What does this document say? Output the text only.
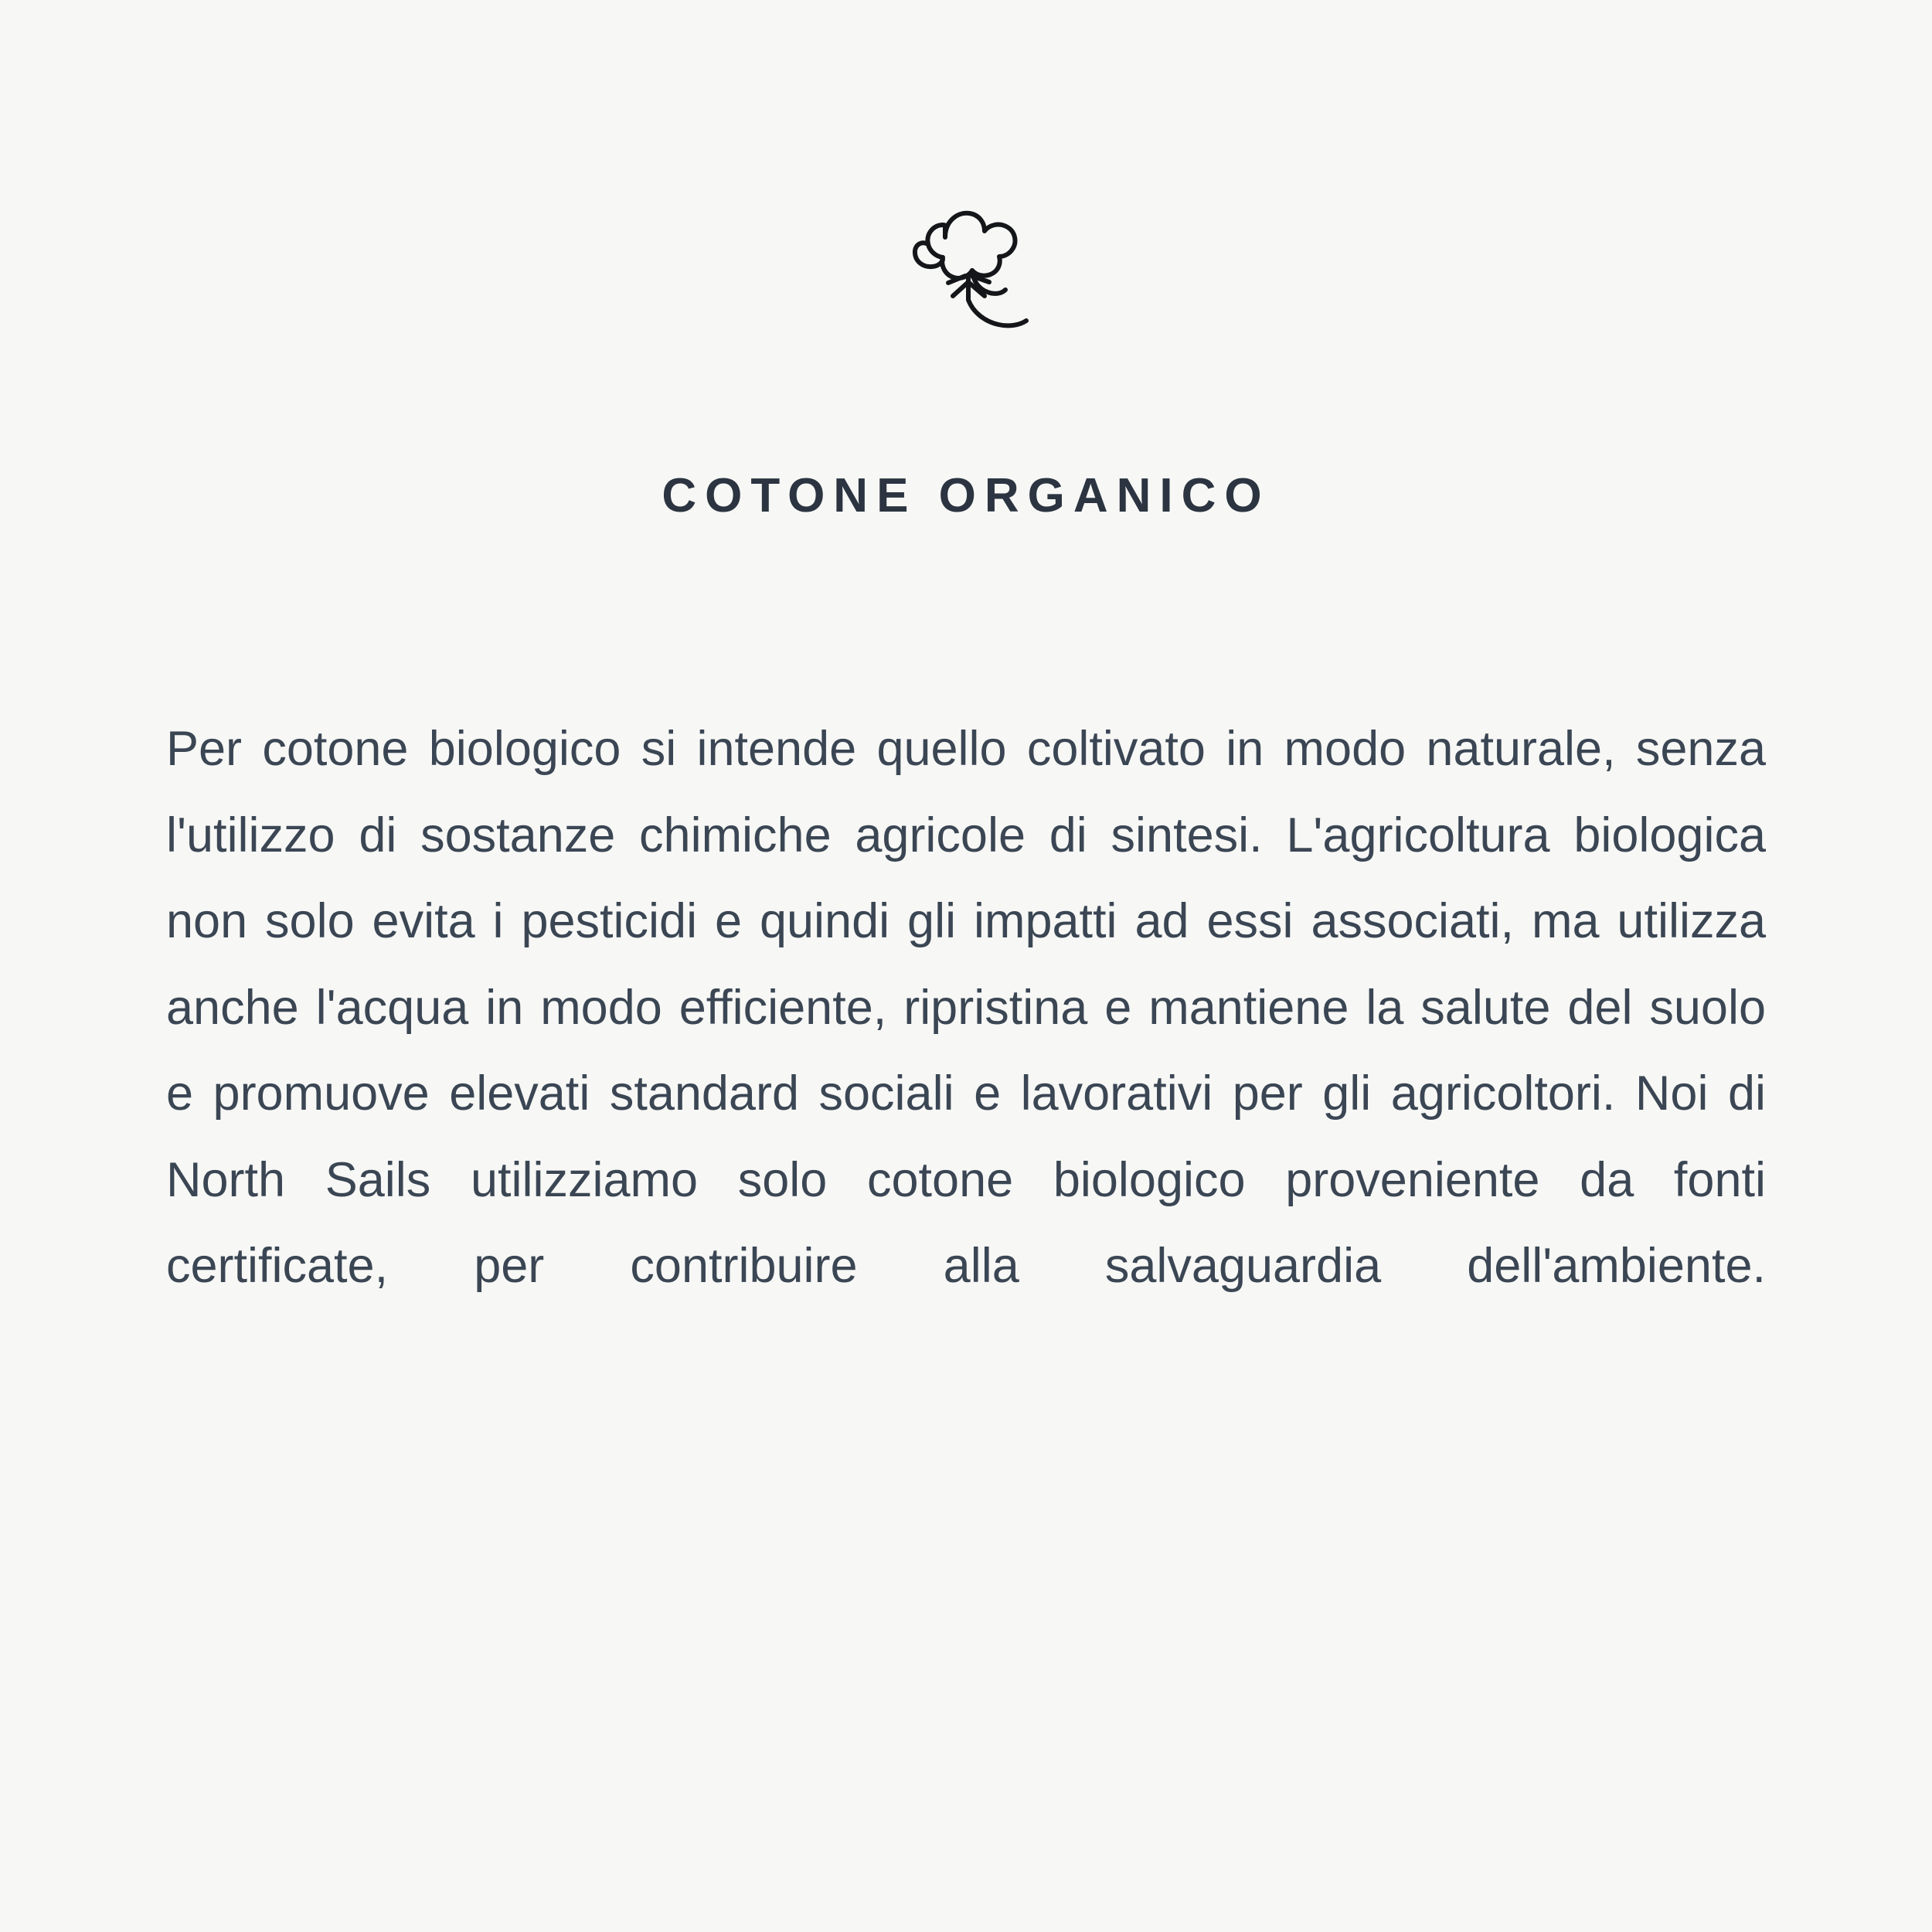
COTONE ORGANICO
Per cotone biologico si intende quello coltivato in modo naturale, senza l'utilizzo di sostanze chimiche agricole di sintesi. L'agricoltura biologica non solo evita i pesticidi e quindi gli impatti ad essi associati, ma utilizza anche l'acqua in modo efficiente, ripristina e mantiene la salute del suolo e promuove elevati standard sociali e lavorativi per gli agricoltori. Noi di North Sails utilizziamo solo cotone biologico proveniente da fonti certificate, per contribuire alla salvaguardia dell'ambiente.
